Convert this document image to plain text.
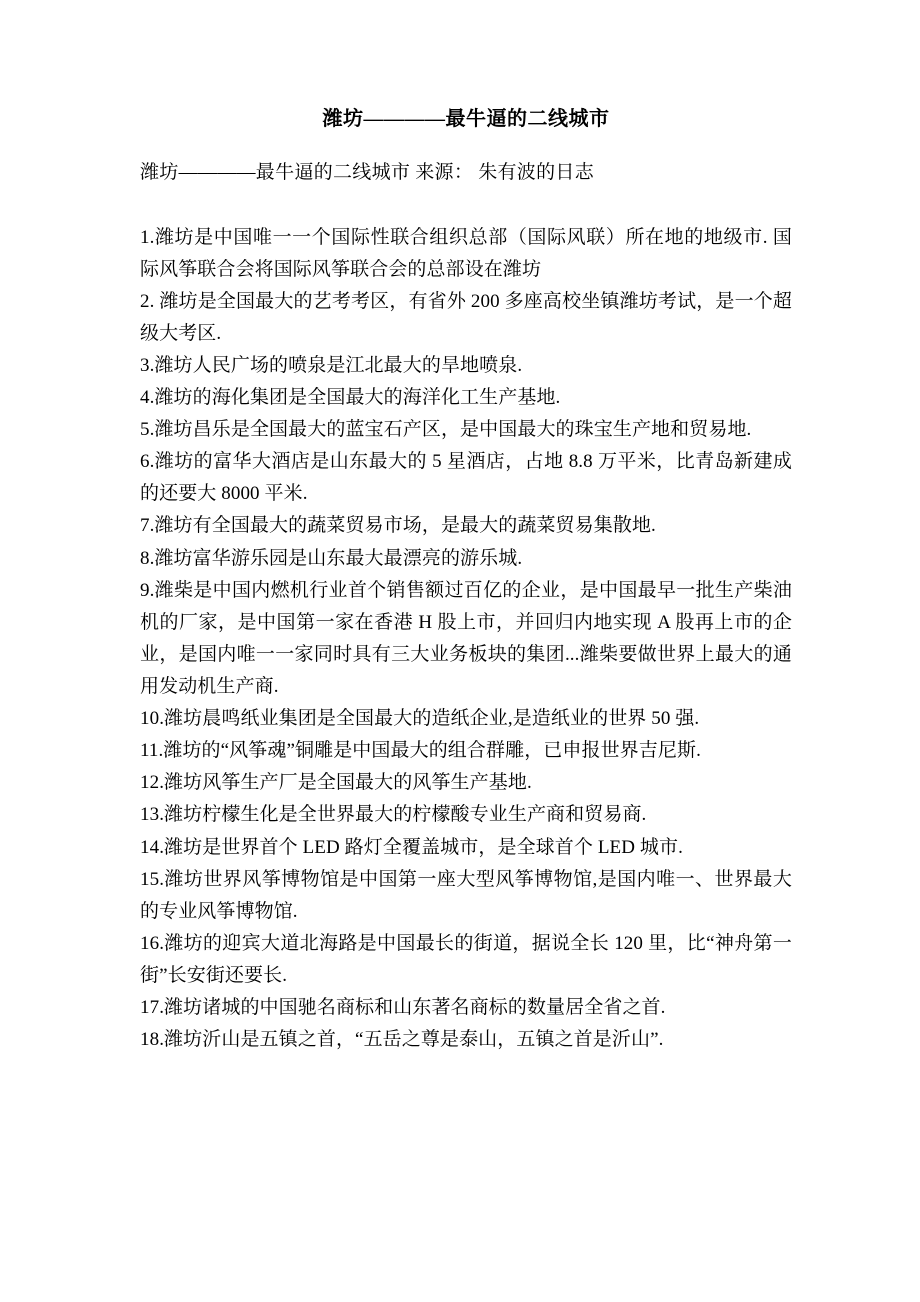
潍坊————最牛逼的二线城市

潍坊————最牛逼的二线城市 来源： 朱有波的日志

1.潍坊是中国唯一一个国际性联合组织总部（国际风联）所在地的地级市. 国际风筝联合会将国际风筝联合会的总部设在潍坊
2. 潍坊是全国最大的艺考考区，有省外 200 多座高校坐镇潍坊考试，是一个超级大考区.
3.潍坊人民广场的喷泉是江北最大的旱地喷泉.
4.潍坊的海化集团是全国最大的海洋化工生产基地.
5.潍坊昌乐是全国最大的蓝宝石产区，是中国最大的珠宝生产地和贸易地.
6.潍坊的富华大酒店是山东最大的 5 星酒店，占地 8.8 万平米，比青岛新建成的还要大 8000 平米.
7.潍坊有全国最大的蔬菜贸易市场，是最大的蔬菜贸易集散地.
8.潍坊富华游乐园是山东最大最漂亮的游乐城.
9.潍柴是中国内燃机行业首个销售额过百亿的企业，是中国最早一批生产柴油机的厂家，是中国第一家在香港 H 股上市，并回归内地实现 A 股再上市的企业，是国内唯一一家同时具有三大业务板块的集团...潍柴要做世界上最大的通用发动机生产商.
10.潍坊晨鸣纸业集团是全国最大的造纸企业,是造纸业的世界 50 强.
11.潍坊的“风筝魂”铜雕是中国最大的组合群雕，已申报世界吉尼斯.
12.潍坊风筝生产厂是全国最大的风筝生产基地.
13.潍坊柠檬生化是全世界最大的柠檬酸专业生产商和贸易商.
14.潍坊是世界首个 LED 路灯全覆盖城市，是全球首个 LED 城市.
15.潍坊世界风筝博物馆是中国第一座大型风筝博物馆,是国内唯一、世界最大的专业风筝博物馆.
16.潍坊的迎宾大道北海路是中国最长的街道，据说全长 120 里，比“神舟第一街”长安街还要长.
17.潍坊诸城的中国驰名商标和山东著名商标的数量居全省之首.
18.潍坊沂山是五镇之首，“五岳之尊是泰山，五镇之首是沂山”.
